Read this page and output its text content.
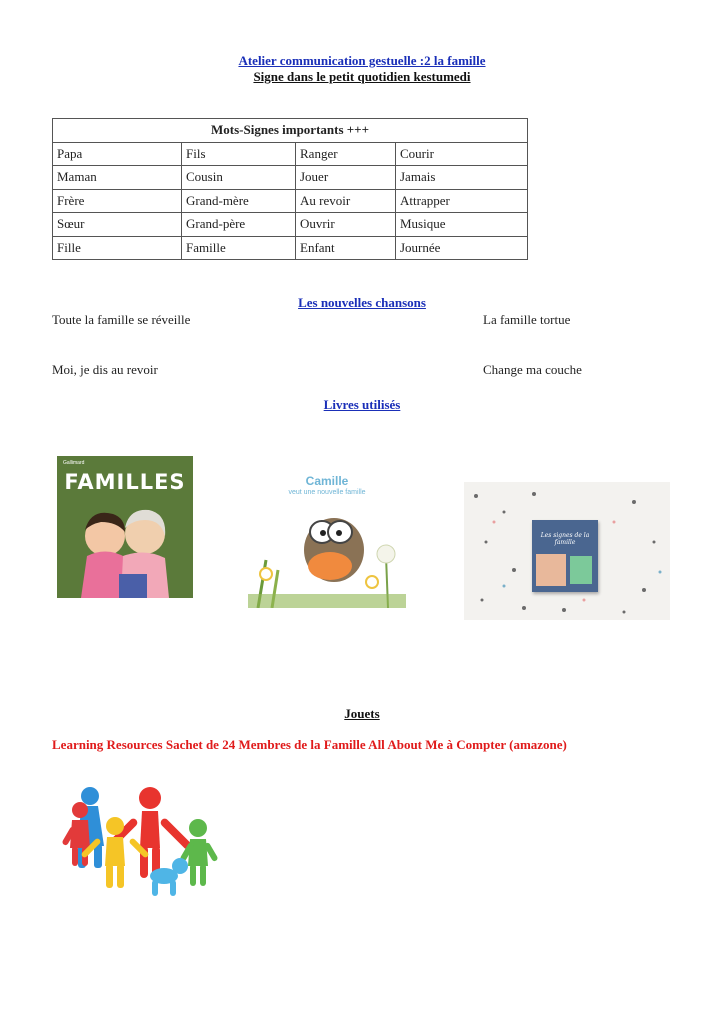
Atelier communication gestuelle :2 la famille
Signe dans le petit quotidien kestumedi
Mots-Signes importants +++			
Papa	Fils	Ranger	Courir
Maman	Cousin	Jouer	Jamais
Frère	Grand-mère	Au revoir	Attrapper
Sœur	Grand-père	Ouvrir	Musique
Fille	Famille	Enfant	Journée
Les nouvelles chansons
Toute la famille se réveille	La famille tortue
Moi, je dis au revoir	Change ma couche
Livres utilisés
Gallimard
FAMILLES	Camille
veut une nouvelle famille
Les signes de la famille
Jouets
Learning Resources Sachet de 24 Membres de la Famille All About Me à Compter (amazone)
